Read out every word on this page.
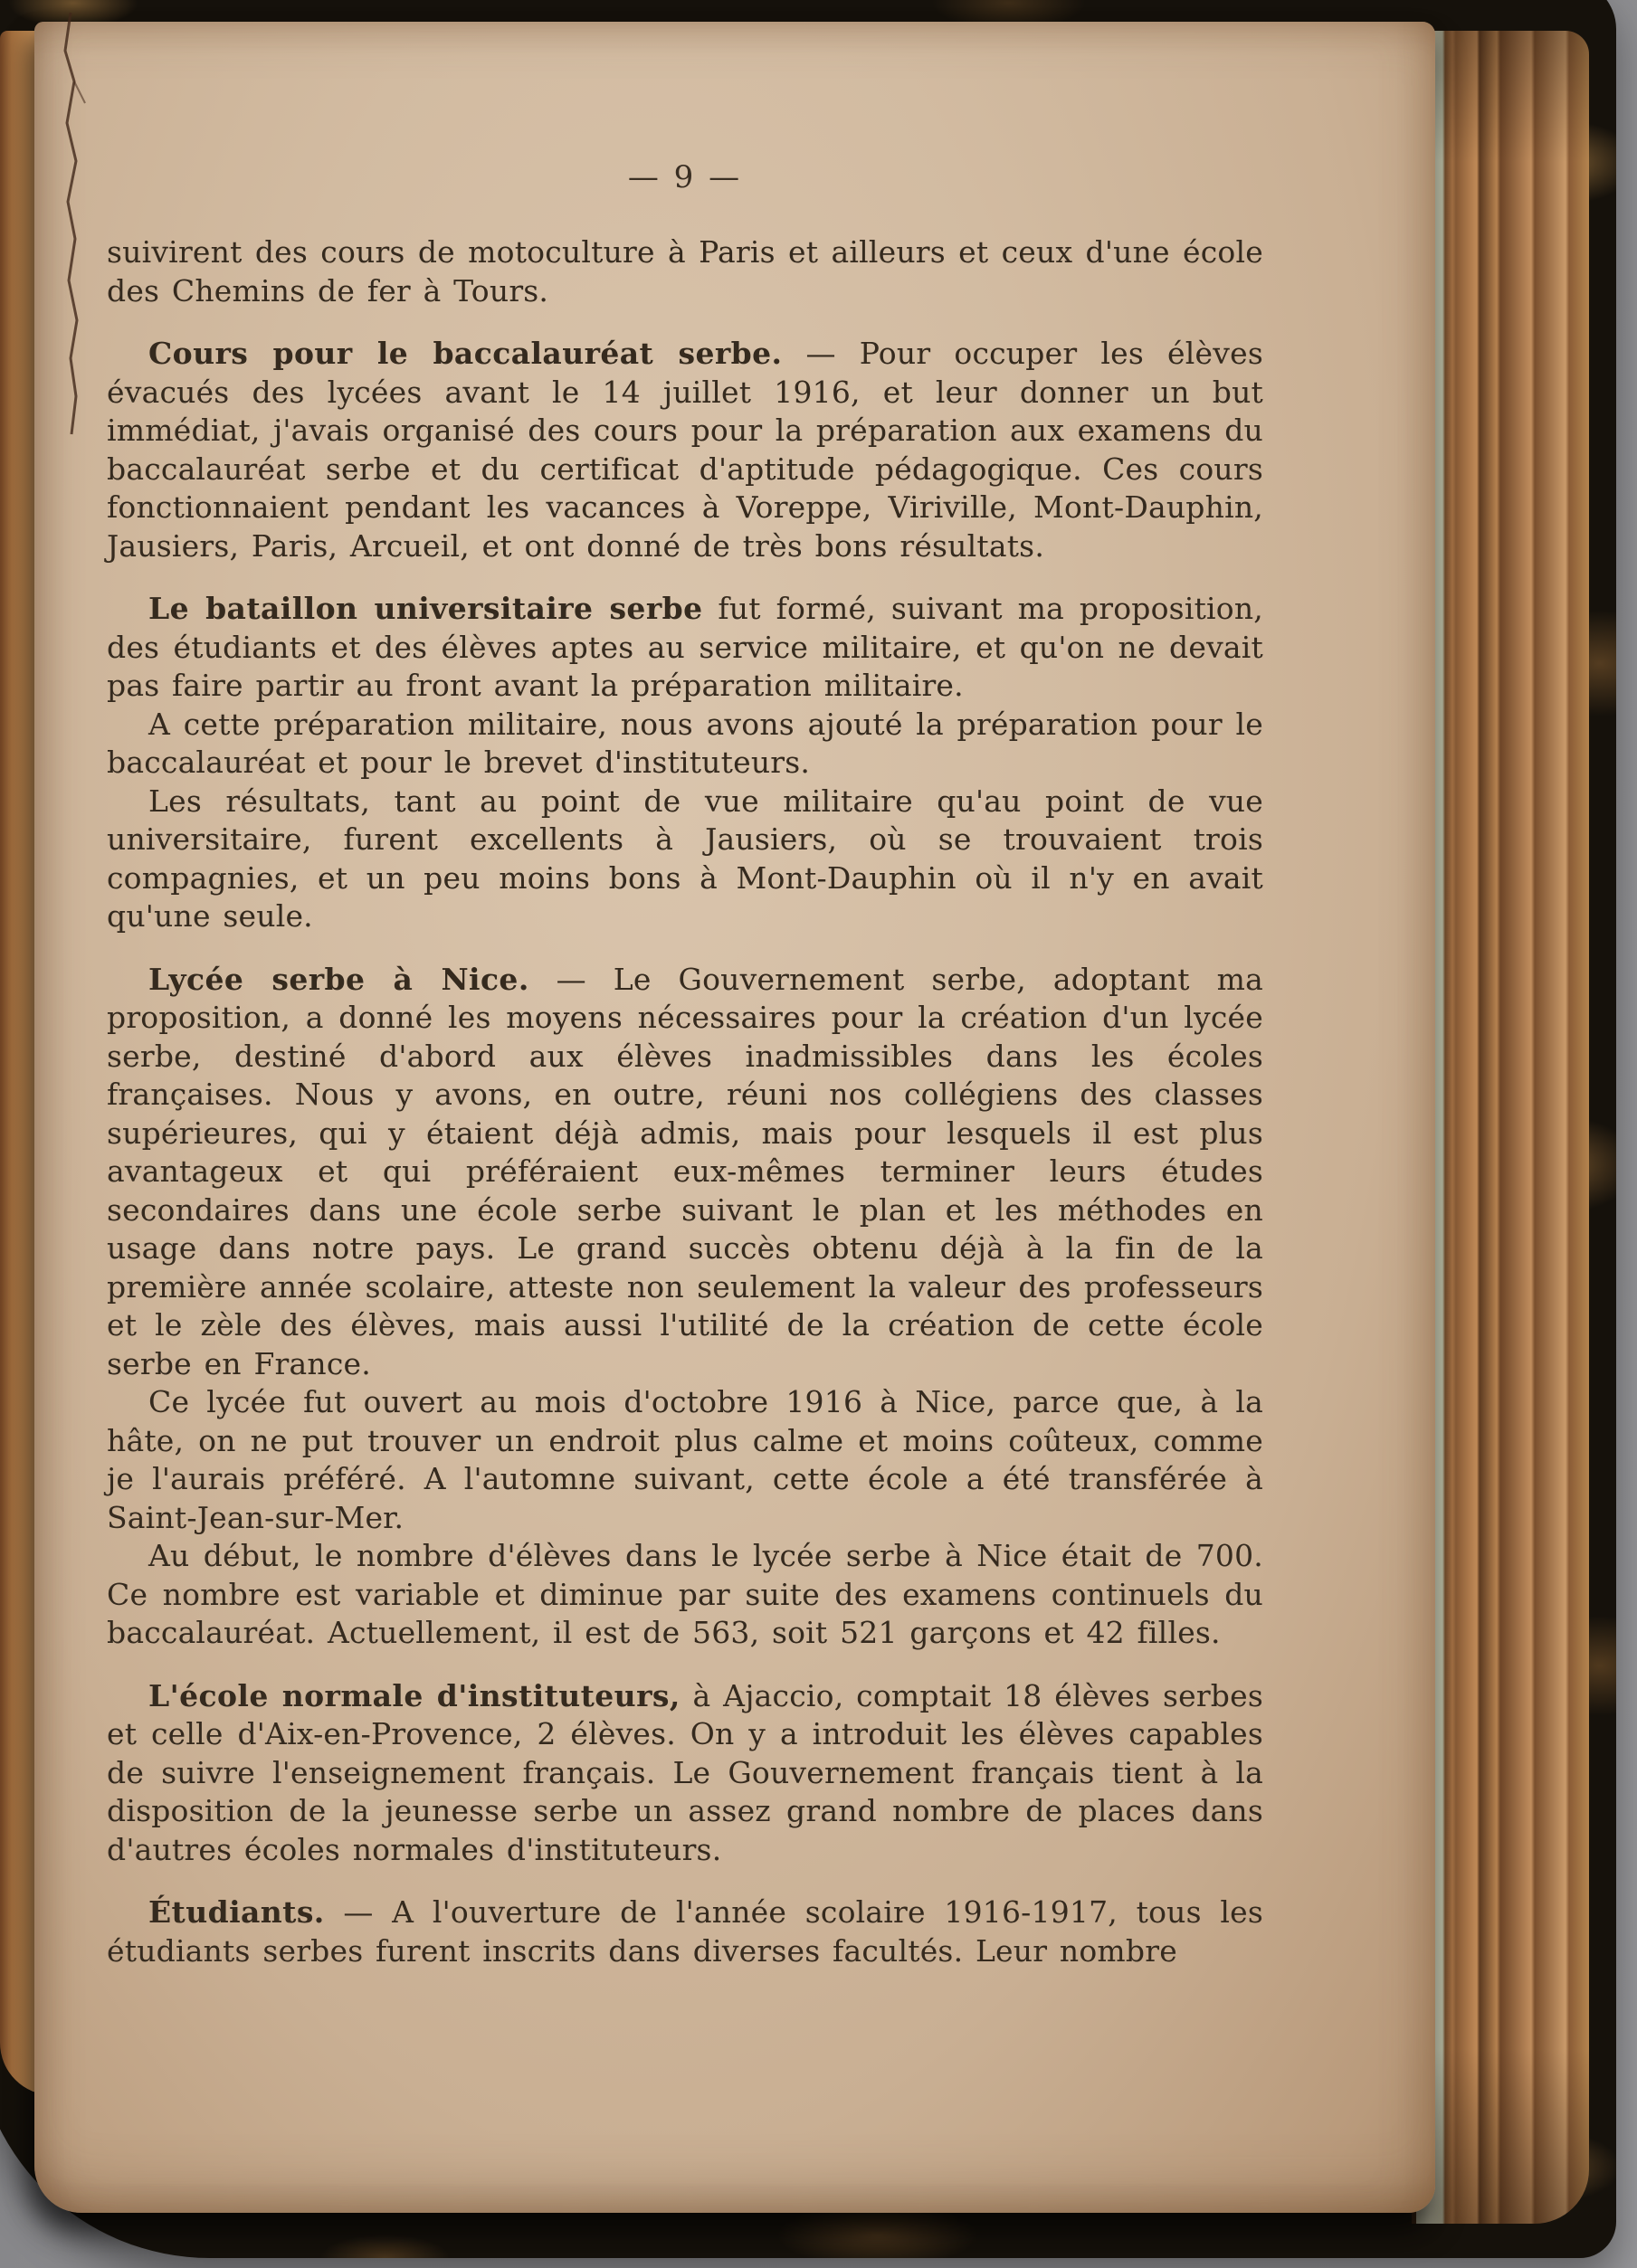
— 9 —

suivirent des cours de motoculture à Paris et ailleurs et ceux d'une école des Chemins de fer à Tours.

Cours pour le baccalauréat serbe. — Pour occuper les élèves évacués des lycées avant le 14 juillet 1916, et leur donner un but immédiat, j'avais organisé des cours pour la préparation aux examens du baccalauréat serbe et du certificat d'aptitude pédagogique. Ces cours fonctionnaient pendant les vacances à Voreppe, Viriville, Mont-Dauphin, Jausiers, Paris, Arcueil, et ont donné de très bons résultats.

Le bataillon universitaire serbe fut formé, suivant ma proposition, des étudiants et des élèves aptes au service militaire, et qu'on ne devait pas faire partir au front avant la préparation militaire.

A cette préparation militaire, nous avons ajouté la préparation pour le baccalauréat et pour le brevet d'instituteurs.

Les résultats, tant au point de vue militaire qu'au point de vue universitaire, furent excellents à Jausiers, où se trouvaient trois compagnies, et un peu moins bons à Mont-Dauphin où il n'y en avait qu'une seule.

Lycée serbe à Nice. — Le Gouvernement serbe, adoptant ma proposition, a donné les moyens nécessaires pour la création d'un lycée serbe, destiné d'abord aux élèves inadmissibles dans les écoles françaises. Nous y avons, en outre, réuni nos collégiens des classes supérieures, qui y étaient déjà admis, mais pour lesquels il est plus avantageux et qui préféraient eux-mêmes terminer leurs études secondaires dans une école serbe suivant le plan et les méthodes en usage dans notre pays. Le grand succès obtenu déjà à la fin de la première année scolaire, atteste non seulement la valeur des professeurs et le zèle des élèves, mais aussi l'utilité de la création de cette école serbe en France.

Ce lycée fut ouvert au mois d'octobre 1916 à Nice, parce que, à la hâte, on ne put trouver un endroit plus calme et moins coûteux, comme je l'aurais préféré. A l'automne suivant, cette école a été transférée à Saint-Jean-sur-Mer.

Au début, le nombre d'élèves dans le lycée serbe à Nice était de 700. Ce nombre est variable et diminue par suite des examens continuels du baccalauréat. Actuellement, il est de 563, soit 521 garçons et 42 filles.

L'école normale d'instituteurs, à Ajaccio, comptait 18 élèves serbes et celle d'Aix-en-Provence, 2 élèves. On y a introduit les élèves capables de suivre l'enseignement français. Le Gouvernement français tient à la disposition de la jeunesse serbe un assez grand nombre de places dans d'autres écoles normales d'instituteurs.

Étudiants. — A l'ouverture de l'année scolaire 1916-1917, tous les étudiants serbes furent inscrits dans diverses facultés. Leur nombre
